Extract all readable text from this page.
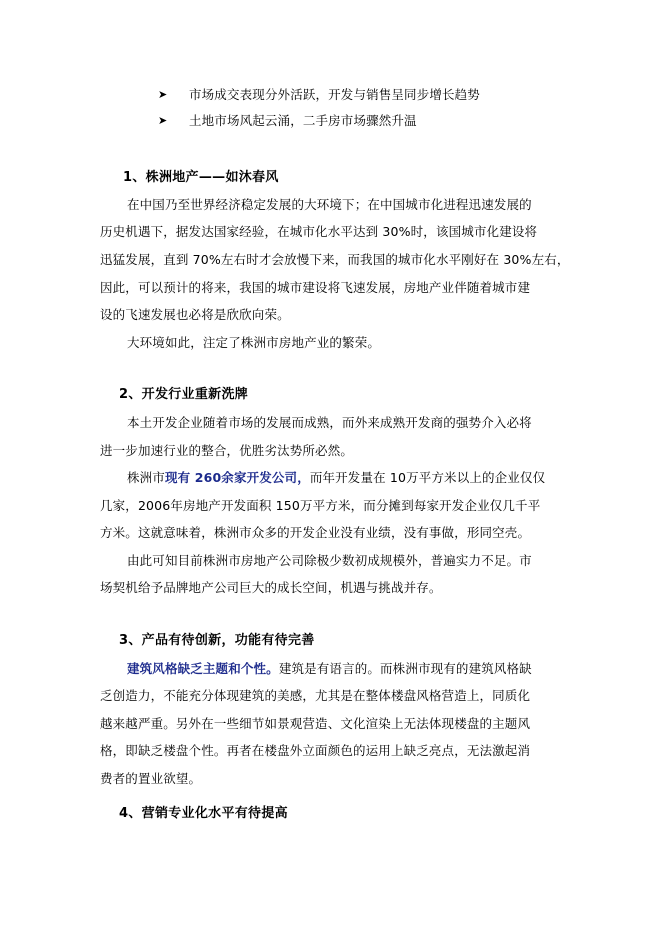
➤ 市场成交表现分外活跃，开发与销售呈同步增长趋势
➤ 土地市场风起云涌，二手房市场骤然升温
1、株洲地产——如沐春风
在中国乃至世界经济稳定发展的大环境下；在中国城市化进程迅速发展的
历史机遇下，据发达国家经验，在城市化水平达到 30%时，该国城市化建设将
迅猛发展，直到 70%左右时才会放慢下来，而我国的城市化水平刚好在 30%左右，
因此，可以预计的将来，我国的城市建设将飞速发展，房地产业伴随着城市建
设的飞速发展也必将是欣欣向荣。
大环境如此，注定了株洲市房地产业的繁荣。
2、开发行业重新洗牌
本土开发企业随着市场的发展而成熟，而外来成熟开发商的强势介入必将
进一步加速行业的整合，优胜劣汰势所必然。
株洲市现有 260余家开发公司，而年开发量在 10万平方米以上的企业仅仅
几家，2006年房地产开发面积 150万平方米，而分摊到每家开发企业仅几千平
方米。这就意味着，株洲市众多的开发企业没有业绩，没有事做，形同空壳。
由此可知目前株洲市房地产公司除极少数初成规模外，普遍实力不足。市
场契机给予品牌地产公司巨大的成长空间，机遇与挑战并存。
3、产品有待创新，功能有待完善
建筑风格缺乏主题和个性。建筑是有语言的。而株洲市现有的建筑风格缺
乏创造力，不能充分体现建筑的美感，尤其是在整体楼盘风格营造上，同质化
越来越严重。另外在一些细节如景观营造、文化渲染上无法体现楼盘的主题风
格，即缺乏楼盘个性。再者在楼盘外立面颜色的运用上缺乏亮点，无法激起消
费者的置业欲望。
4、营销专业化水平有待提高
